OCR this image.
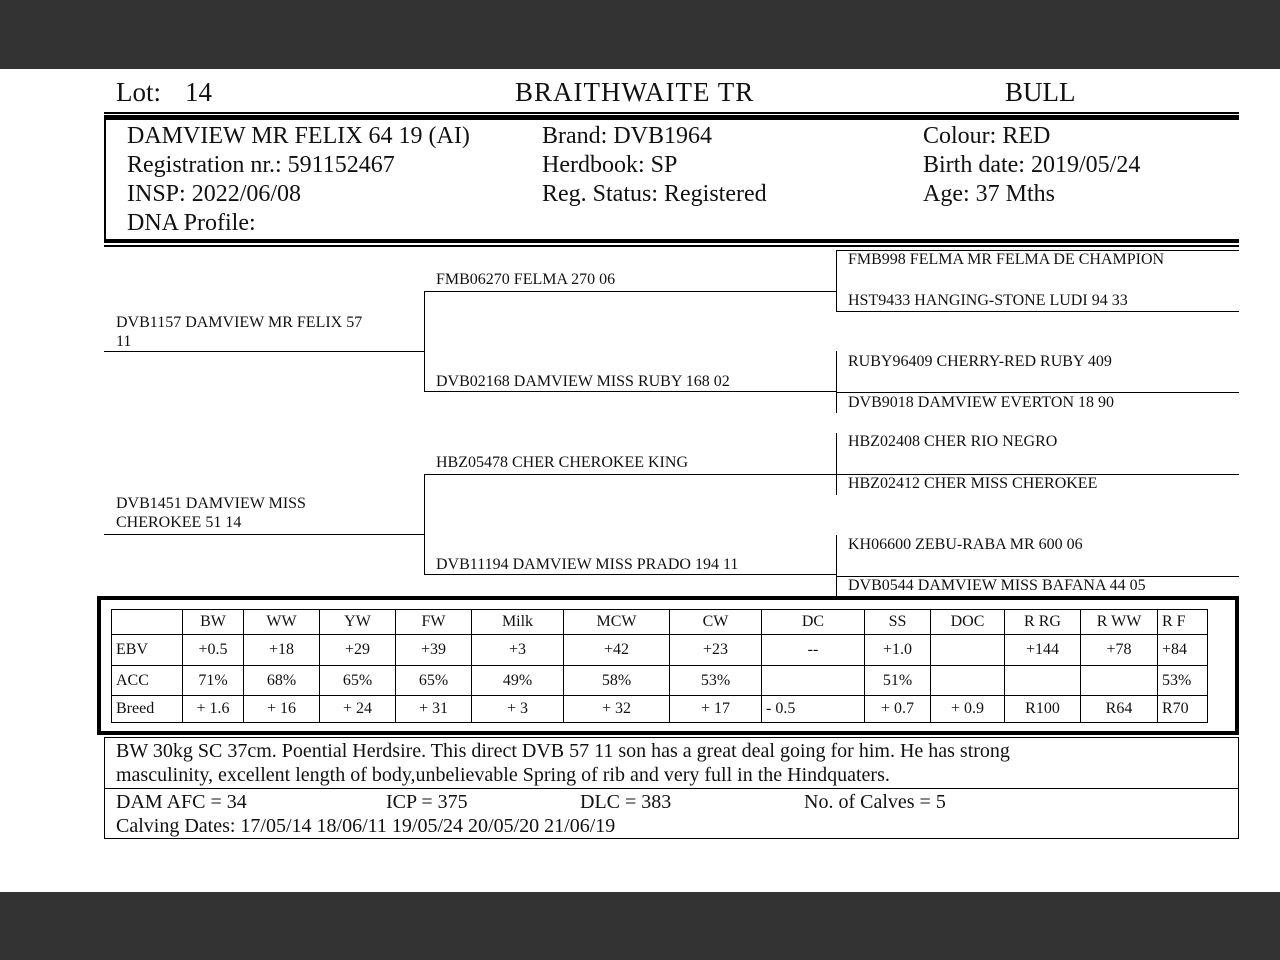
Lot: 14	BRAITHWAITE TR	BULL
DAMVIEW MR FELIX 64 19 (AI)
Registration nr.: 591152467
INSP: 2022/06/08
DNA Profile:
Brand: DVB1964
Herdbook: SP
Reg. Status: Registered
Colour: RED
Birth date: 2019/05/24
Age: 37 Mths
DVB1157 DAMVIEW MR FELIX 57
11
DVB1451 DAMVIEW MISS
CHEROKEE 51 14
FMB06270 FELMA 270 06
DVB02168 DAMVIEW MISS RUBY 168 02
HBZ05478 CHER CHEROKEE KING
DVB11194 DAMVIEW MISS PRADO 194 11
FMB998 FELMA MR FELMA DE CHAMPION
HST9433 HANGING-STONE LUDI 94 33
RUBY96409 CHERRY-RED RUBY 409
DVB9018 DAMVIEW EVERTON 18 90
HBZ02408 CHER RIO NEGRO
HBZ02412 CHER MISS CHEROKEE
KH06600 ZEBU-RABA MR 600 06
DVB0544 DAMVIEW MISS BAFANA 44 05
	BW	WW	YW	FW	Milk	MCW	CW	DC	SS	DOC	R RG	R WW	R F
EBV	+0.5	+18	+29	+39	+3	+42	+23	--	+1.0		+144	+78	+84
ACC	71%	68%	65%	65%	49%	58%	53%		51%				53%
Breed	+ 1.6	+ 16	+ 24	+ 31	+ 3	+ 32	+ 17	- 0.5	+ 0.7	+ 0.9	R100	R64	R70
BW 30kg SC 37cm. Poential Herdsire. This direct DVB 57 11 son has a great deal going for him. He has strong
masculinity, excellent length of body,unbelievable Spring of rib and very full in the Hindquaters.
DAM AFC = 34	ICP = 375	DLC = 383	No. of Calves = 5
Calving Dates: 17/05/14 18/06/11 19/05/24 20/05/20 21/06/19
